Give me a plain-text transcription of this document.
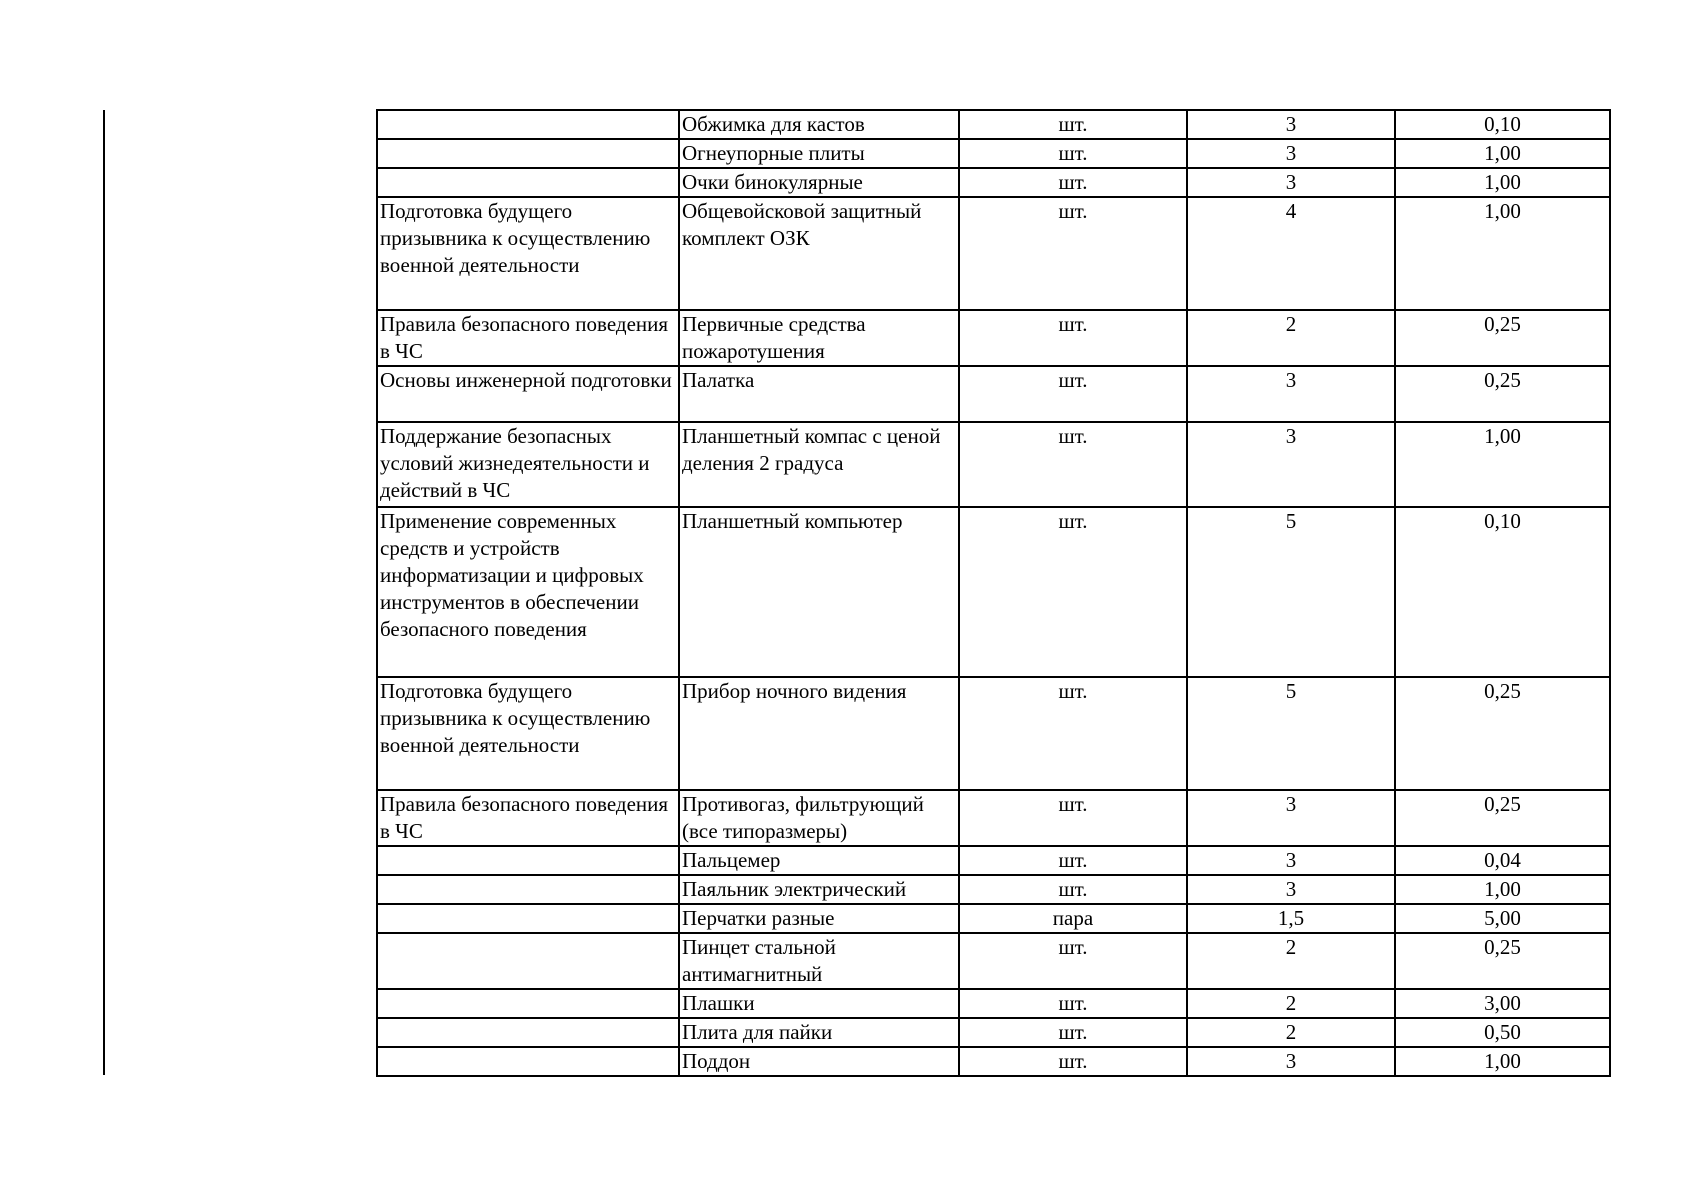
	Обжимка для кастов	шт.	3	0,10
	Огнеупорные плиты	шт.	3	1,00
	Очки бинокулярные	шт.	3	1,00
Подготовка будущего призывника к осуществлению военной деятельности	Общевойсковой защитный комплект ОЗК	шт.	4	1,00
Правила безопасного поведения в ЧС	Первичные средства пожаротушения	шт.	2	0,25
Основы инженерной подготовки	Палатка	шт.	3	0,25
Поддержание безопасных условий жизнедеятельности и действий в ЧС	Планшетный компас с ценой деления 2 градуса	шт.	3	1,00
Применение современных средств и устройств информатизации и цифровых инструментов в обеспечении безопасного поведения	Планшетный компьютер	шт.	5	0,10
Подготовка будущего призывника к осуществлению военной деятельности	Прибор ночного видения	шт.	5	0,25
Правила безопасного поведения в ЧС	Противогаз, фильтрующий (все типоразмеры)	шт.	3	0,25
	Пальцемер	шт.	3	0,04
	Паяльник электрический	шт.	3	1,00
	Перчатки разные	пара	1,5	5,00
	Пинцет стальной антимагнитный	шт.	2	0,25
	Плашки	шт.	2	3,00
	Плита для пайки	шт.	2	0,50
	Поддон	шт.	3	1,00
